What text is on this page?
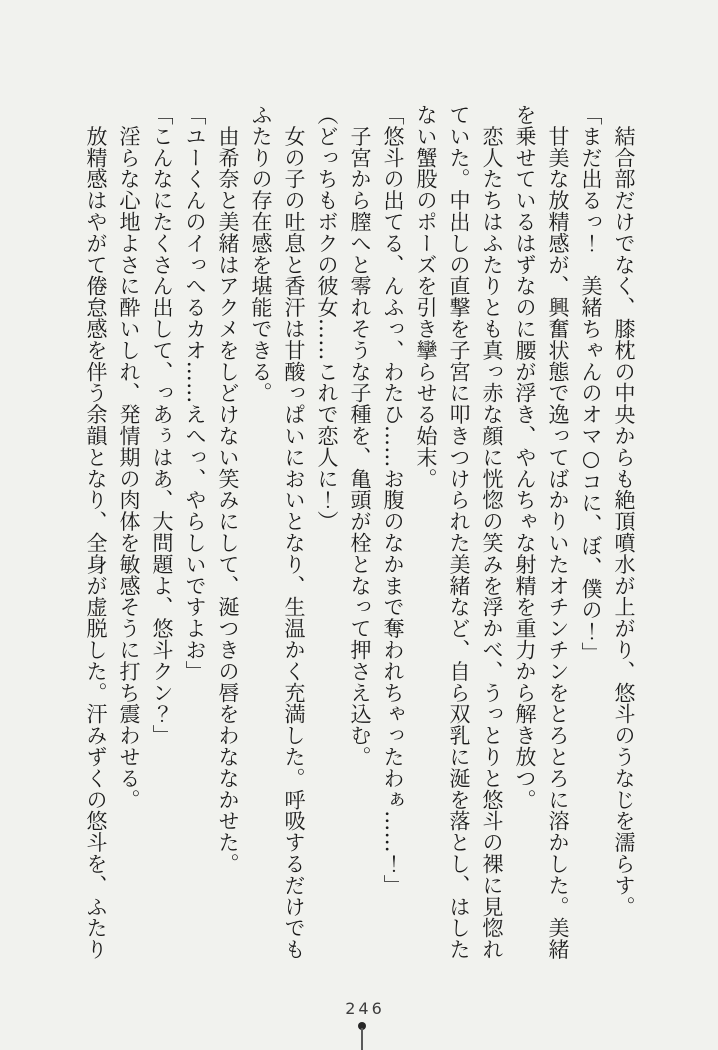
　結合部だけでなく、膝枕の中央からも絶頂噴水が上がり、悠斗のうなじを濡らす。
「まだ出るっ！　美緒ちゃんのオマ○コに、ぼ、僕の！」
　甘美な放精感が、興奮状態で逸ってばかりいたオチンチンをとろとろに溶かした。美緒
を乗せているはずなのに腰が浮き、やんちゃな射精を重力から解き放つ。
　恋人たちはふたりとも真っ赤な顔に恍惚の笑みを浮かべ、うっとりと悠斗の裸に見惚れ
ていた。中出しの直撃を子宮に叩きつけられた美緒など、自ら双乳に涎を落とし、はした
ない蟹股のポーズを引き攣らせる始末。
「悠斗の出てる、んふっ、わたひ……お腹のなかまで奪われちゃったわぁ……！」
　子宮から膣へと零れそうな子種を、亀頭が栓となって押さえ込む。
（どっちもボクの彼女……これで恋人に！）
　女の子の吐息と香汗は甘酸っぱいにおいとなり、生温かく充満した。呼吸するだけでも
ふたりの存在感を堪能できる。
　由希奈と美緒はアクメをしどけない笑みにして、涎つきの唇をわななかせた。
「ユーくんのイっへるカオ……えへっ、やらしいですよお」
「こんなにたくさん出して、っあぅはあ、大問題よ、悠斗クン？」
　淫らな心地よさに酔いしれ、発情期の肉体を敏感そうに打ち震わせる。
　放精感はやがて倦怠感を伴う余韻となり、全身が虚脱した。汗みずくの悠斗を、ふたり
246
